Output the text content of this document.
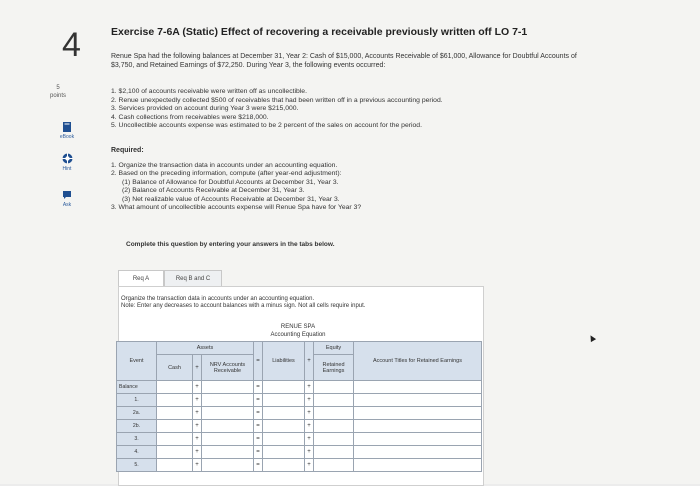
4
5
points
eBook
Hint
Ask
Exercise 7-6A (Static) Effect of recovering a receivable previously written off LO 7-1
Renue Spa had the following balances at December 31, Year 2: Cash of $15,000, Accounts Receivable of $61,000, Allowance for Doubtful Accounts of $3,750, and Retained Earnings of $72,250. During Year 3, the following events occurred:
1. $2,100 of accounts receivable were written off as uncollectible.
2. Renue unexpectedly collected $500 of receivables that had been written off in a previous accounting period.
3. Services provided on account during Year 3 were $215,000.
4. Cash collections from receivables were $218,000.
5. Uncollectible accounts expense was estimated to be 2 percent of the sales on account for the period.
Required:
1. Organize the transaction data in accounts under an accounting equation.
2. Based on the preceding information, compute (after year-end adjustment):
(1) Balance of Allowance for Doubtful Accounts at December 31, Year 3.
(2) Balance of Accounts Receivable at December 31, Year 3.
(3) Net realizable value of Accounts Receivable at December 31, Year 3.
3. What amount of uncollectible accounts expense will Renue Spa have for Year 3?
Complete this question by entering your answers in the tabs below.
Req A	Req B and C
Organize the transaction data in accounts under an accounting equation.
Note: Enter any decreases to account balances with a minus sign. Not all cells require input.
RENUE SPA
Accounting Equation
Event	Assets			=	Liabilities	+	Equity	Account Titles for Retained Earnings
	Cash	+	NRV Accounts Receivable				Retained Earnings	
Balance		+		=		+		
1.		+		=		+		
2a.		+		=		+		
2b.		+		=		+		
3.		+		=		+		
4.		+		=		+		
5.		+		=		+		
